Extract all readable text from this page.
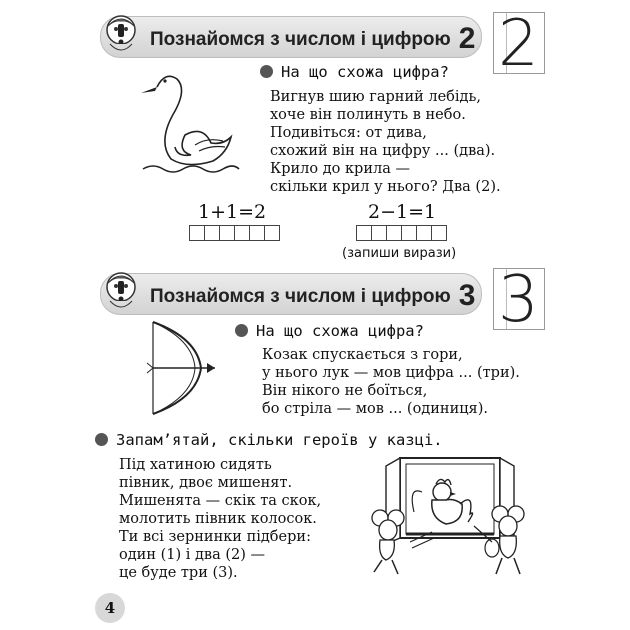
Познайомся з числом і цифрою 2 2
На що схожа цифра?
Вигнув шию гарний лебідь,
хоче він полинуть в небо.
Подивіться: от дива,
схожий він на цифру ... (два).
Крило до крила —
скільки крил у нього? Два (2).
1+1=2	2−1=1
(запиши вирази)
Познайомся з числом і цифрою 3 3
На що схожа цифра?
Козак спускається з гори,
у нього лук — мов цифра ... (три).
Він нікого не боїться,
бо стріла — мов ... (одиниця).
Запам’ятай, скільки героїв у казці.
Під хатиною сидять
півник, двоє мишенят.
Мишенята — скік та скок,
молотить півник колосок.
Ти всі зернинки підбери:
один (1) і два (2) —
це буде три (3).
4
